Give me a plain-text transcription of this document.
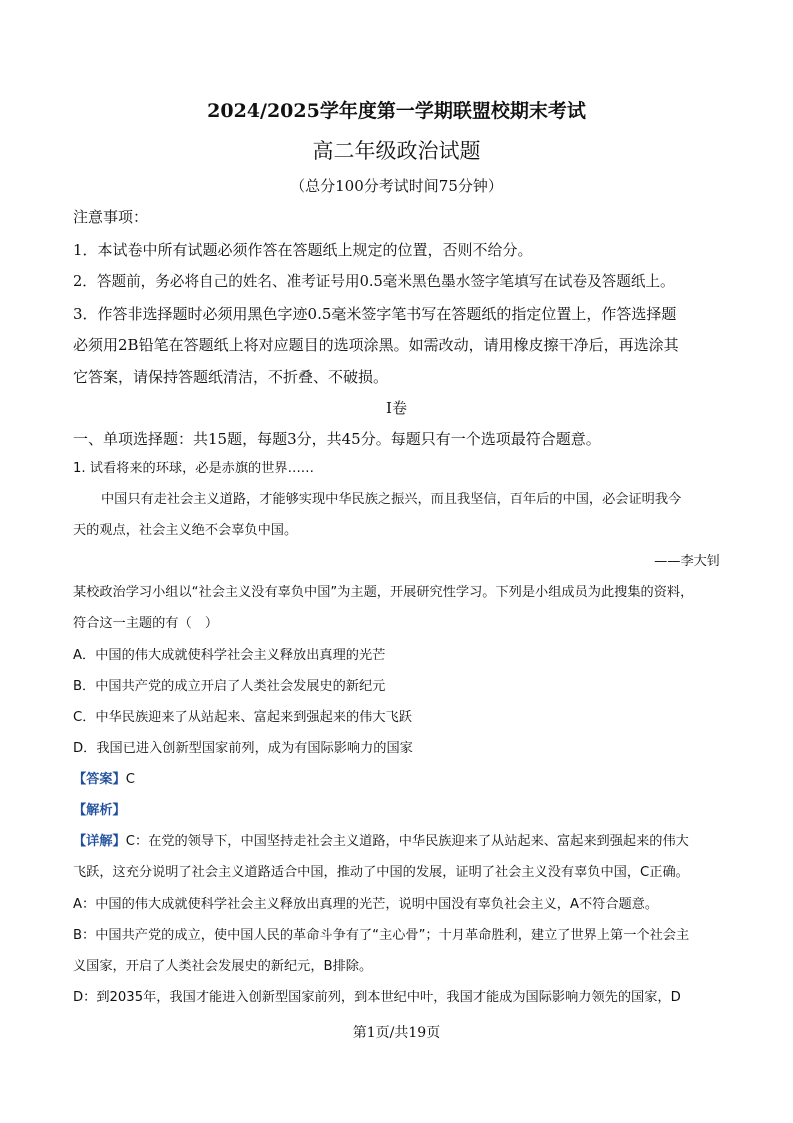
2024/2025学年度第一学期联盟校期末考试
高二年级政治试题
（总分100分考试时间75分钟）
注意事项：
1．本试卷中所有试题必须作答在答题纸上规定的位置，否则不给分。
2．答题前，务必将自己的姓名、准考证号用0.5毫米黑色墨水签字笔填写在试卷及答题纸上。
3．作答非选择题时必须用黑色字迹0.5毫米签字笔书写在答题纸的指定位置上，作答选择题
必须用2B铅笔在答题纸上将对应题目的选项涂黑。如需改动，请用橡皮擦干净后，再选涂其
它答案，请保持答题纸清洁，不折叠、不破损。
Ⅰ卷
一、单项选择题：共15题，每题3分，共45分。每题只有一个选项最符合题意。
1. 试看将来的环球，必是赤旗的世界……
中国只有走社会主义道路，才能够实现中华民族之振兴，而且我坚信，百年后的中国，必会证明我今
天的观点，社会主义绝不会辜负中国。
——李大钊
某校政治学习小组以“社会主义没有辜负中国”为主题，开展研究性学习。下列是小组成员为此搜集的资料，
符合这一主题的有（　）
A．中国的伟大成就使科学社会主义释放出真理的光芒
B．中国共产党的成立开启了人类社会发展史的新纪元
C．中华民族迎来了从站起来、富起来到强起来的伟大飞跃
D．我国已进入创新型国家前列，成为有国际影响力的国家
【答案】C
【解析】
【详解】C：在党的领导下，中国坚持走社会主义道路，中华民族迎来了从站起来、富起来到强起来的伟大
飞跃，这充分说明了社会主义道路适合中国，推动了中国的发展，证明了社会主义没有辜负中国，C正确。
A：中国的伟大成就使科学社会主义释放出真理的光芒，说明中国没有辜负社会主义，A不符合题意。
B：中国共产党的成立，使中国人民的革命斗争有了“主心骨”；十月革命胜利，建立了世界上第一个社会主
义国家，开启了人类社会发展史的新纪元，B排除。
D：到2035年，我国才能进入创新型国家前列，到本世纪中叶，我国才能成为国际影响力领先的国家，D
第1页/共19页
